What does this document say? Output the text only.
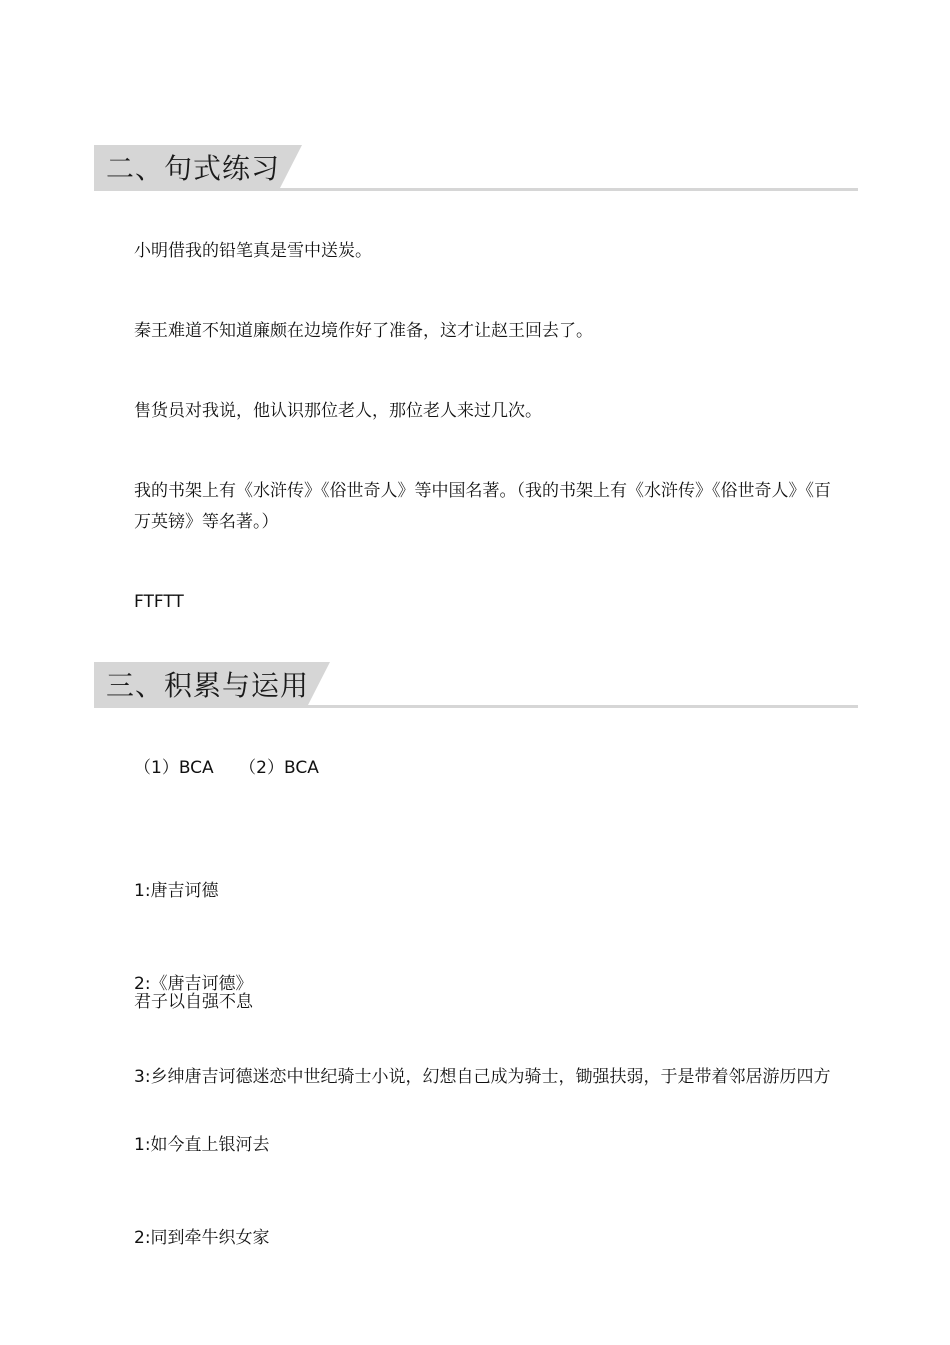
二、句式练习
小明借我的铅笔真是雪中送炭。
秦王难道不知道廉颇在边境作好了准备，这才让赵王回去了。
售货员对我说，他认识那位老人，那位老人来过几次。
我的书架上有《水浒传》《俗世奇人》等中国名著。（我的书架上有《水浒传》《俗世奇人》《百万英镑》等名著。）
FTFTT
三、积累与运用
（1）BCA　　（2）BCA

1:唐吉诃德

2:《唐吉诃德》

3:乡绅唐吉诃德迷恋中世纪骑士小说，幻想自己成为骑士，锄强扶弱，于是带着邻居游历四方

君子以自强不息

1:如今直上银河去

2:同到牵牛织女家
